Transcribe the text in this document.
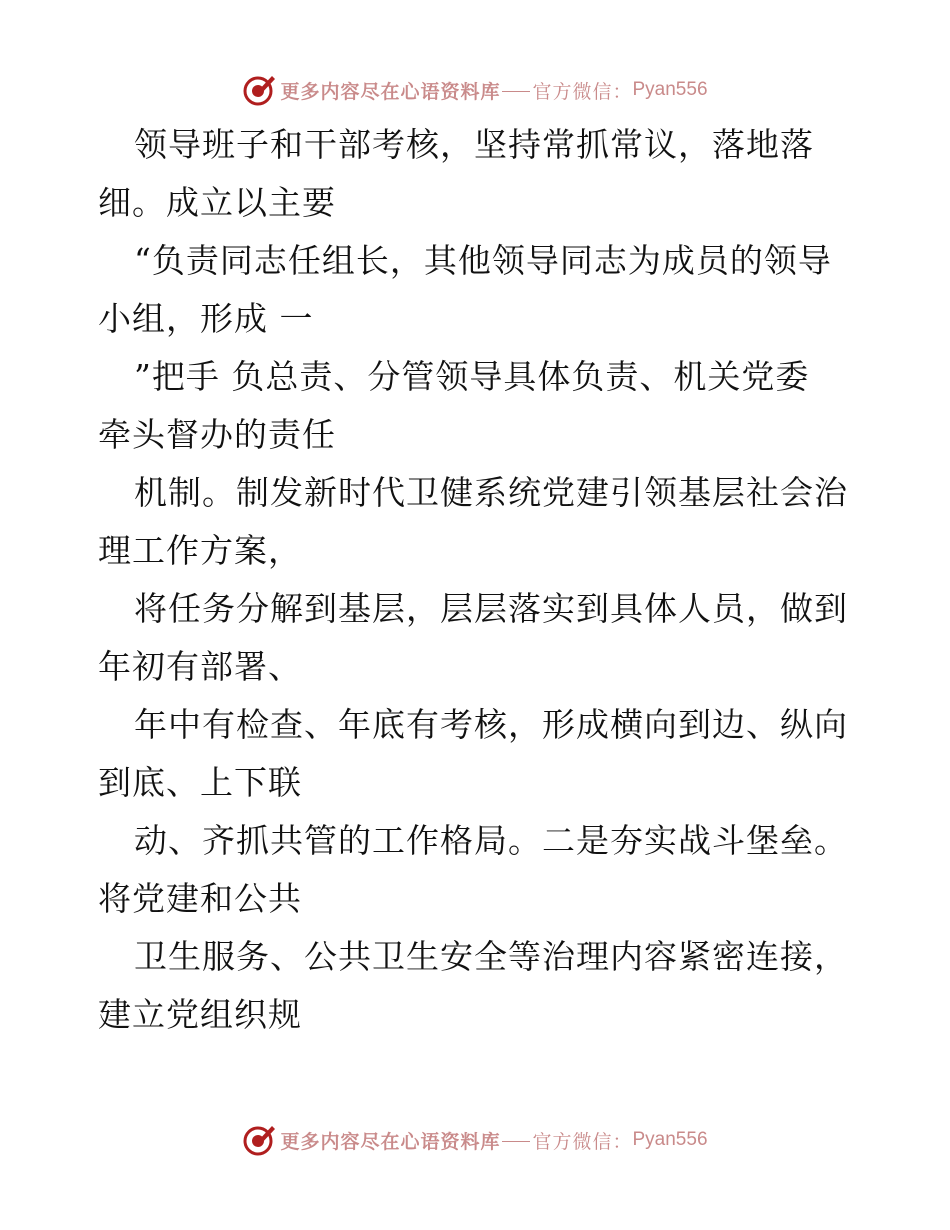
更多内容尽在心语资料库 官方微信： Pyan556
领导班子和干部考核，坚持常抓常议，落地落
细。成立以主要
“负责同志任组长，其他领导同志为成员的领导
小组，形成 一
”把手 负总责、分管领导具体负责、机关党委
牵头督办的责任
机制。制发新时代卫健系统党建引领基层社会治
理工作方案，
将任务分解到基层，层层落实到具体人员，做到
年初有部署、
年中有检查、年底有考核，形成横向到边、纵向
到底、上下联
动、齐抓共管的工作格局。二是夯实战斗堡垒。
将党建和公共
卫生服务、公共卫生安全等治理内容紧密连接，
建立党组织规
更多内容尽在心语资料库 官方微信： Pyan556
